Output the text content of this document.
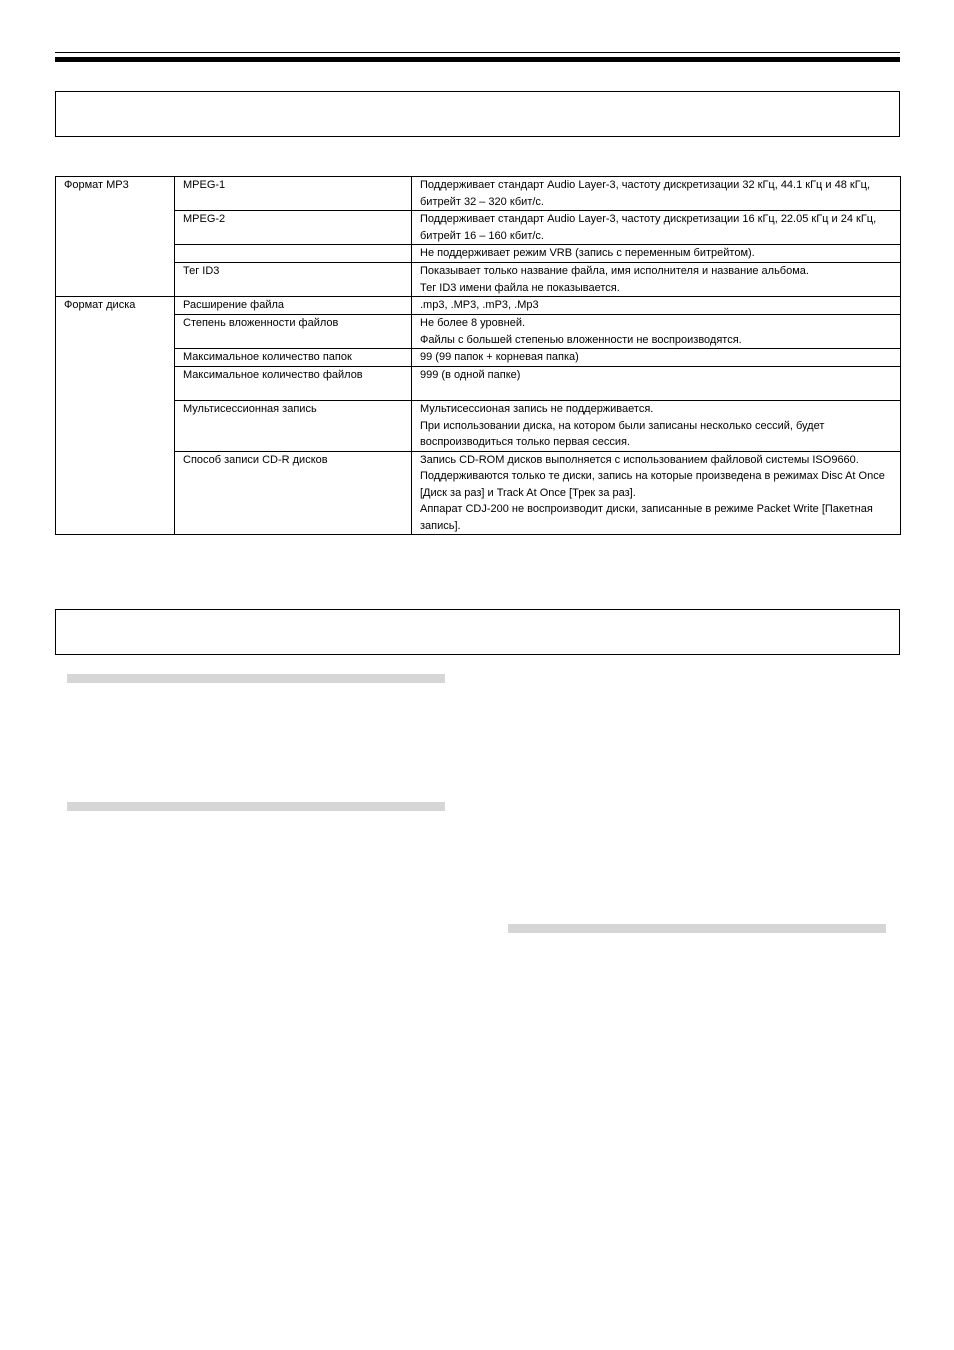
Формат MP3	MPEG-1	Поддерживает стандарт Audio Layer-3, частоту дискретизации 32 кГц, 44.1 кГц и 48 кГц,
битрейт 32 – 320 кбит/с.
	MPEG-2	Поддерживает стандарт Audio Layer-3, частоту дискретизации 16 кГц, 22.05 кГц и 24 кГц,
битрейт 16 – 160 кбит/с.
		Не поддерживает режим VRB (запись с переменным битрейтом).
	Тег ID3	Показывает только название файла, имя исполнителя и название альбома.
Тег ID3 имени файла не показывается.
Формат диска	Расширение файла	.mp3, .MP3, .mP3, .Mp3
	Степень вложенности файлов	Не более 8 уровней.
Файлы с большей степенью вложенности не воспроизводятся.
	Максимальное количество папок	99 (99 папок + корневая папка)
	Максимальное количество файлов	999 (в одной папке)
	Мультисессионная запись	Мультисессионая запись не поддерживается.
При использовании диска, на котором были записаны несколько сессий, будет
воспроизводиться только первая сессия.
	Способ записи CD-R дисков	Запись CD-ROM дисков выполняется с использованием файловой системы ISO9660.
Поддерживаются только те диски, запись на которые произведена в режимах Disc At Once
[Диск за раз] и Track At Once [Трек за раз].
Аппарат CDJ-200 не воспроизводит диски, записанные в режиме Packet Write [Пакетная
запись].
